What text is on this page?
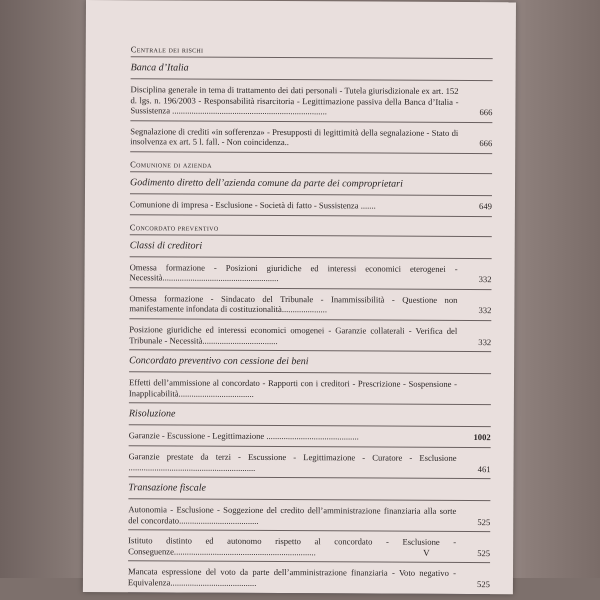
Centrale dei rischi
Banca d’Italia
Disciplina generale in tema di trattamento dei dati personali - Tutela giurisdizionale ex art. 152 d. lgs. n. 196/2003 - Responsabilità risarcitoria - Legittimazione passiva della Banca d’Italia - Sussistenza ........................................................................	666
Segnalazione di crediti «in sofferenza» - Presupposti di legittimità della segnalazione - Stato di insolvenza ex art. 5 l. fall. - Non coincidenza..	666
Comunione di azienda
Godimento diretto dell’azienda comune da parte dei comproprietari
Comunione di impresa - Esclusione - Società di fatto - Sussistenza .......	649
Concordato preventivo
Classi di creditori
Omessa formazione - Posizioni giuridiche ed interessi economici eterogenei - Necessità......................................................	332
Omessa formazione - Sindacato del Tribunale - Inammissibilità - Questione non manifestamente infondata di costituzionalità.....................	332
Posizione giuridiche ed interessi economici omogenei - Garanzie collaterali - Verifica del Tribunale - Necessità...................................	332
Concordato preventivo con cessione dei beni
Effetti dell’ammissione al concordato - Rapporti con i creditori - Prescrizione - Sospensione - Inapplicabilità...................................
Risoluzione
Garanzie - Escussione - Legittimazione ...........................................	1002
Garanzie prestate da terzi - Escussione - Legittimazione - Curatore - Esclusione ...........................................................	461
Transazione fiscale
Autonomia - Esclusione - Soggezione del credito dell’amministrazione finanziaria alla sorte del concordato.....................................	525
Istituto distinto ed autonomo rispetto al concordato - Esclusione - Conseguenze..................................................................	525
Mancata espressione del voto da parte dell’amministrazione finanziaria - Voto negativo - Equivalenza........................................	525
V
